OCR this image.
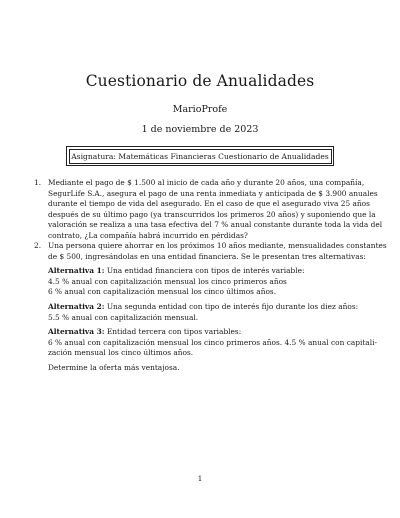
Cuestionario de Anualidades
MarioProfe
1 de noviembre de 2023
Asignatura: Matemáticas Financieras Cuestionario de Anualidades
1. Mediante el pago de $ 1.500 al inicio de cada año y durante 20 años, una compañía,
SegurLife S.A., asegura el pago de una renta inmediata y anticipada de $ 3.900 anuales
durante el tiempo de vida del asegurado. En el caso de que el asegurado viva 25 años
después de su último pago (ya transcurridos los primeros 20 años) y suponiendo que la
valoración se realiza a una tasa efectiva del 7 % anual constante durante toda la vida del
contrato, ¿La compañía habrá incurrido en pérdidas?
2. Una persona quiere ahorrar en los próximos 10 años mediante, mensualidades constantes
de $ 500, ingresándolas en una entidad financiera. Se le presentan tres alternativas:
Alternativa 1: Una entidad financiera con tipos de interés variable:
4.5 % anual con capitalización mensual los cinco primeros años
6 % anual con capitalización mensual los cinco últimos años.
Alternativa 2: Una segunda entidad con tipo de interés fijo durante los diez años:
5.5 % anual con capitalización mensual.
Alternativa 3: Entidad tercera con tipos variables:
6 % anual con capitalización mensual los cinco primeros años. 4.5 % anual con capitali-
zación mensual los cinco últimos años.
Determine la oferta más ventajosa.
1
